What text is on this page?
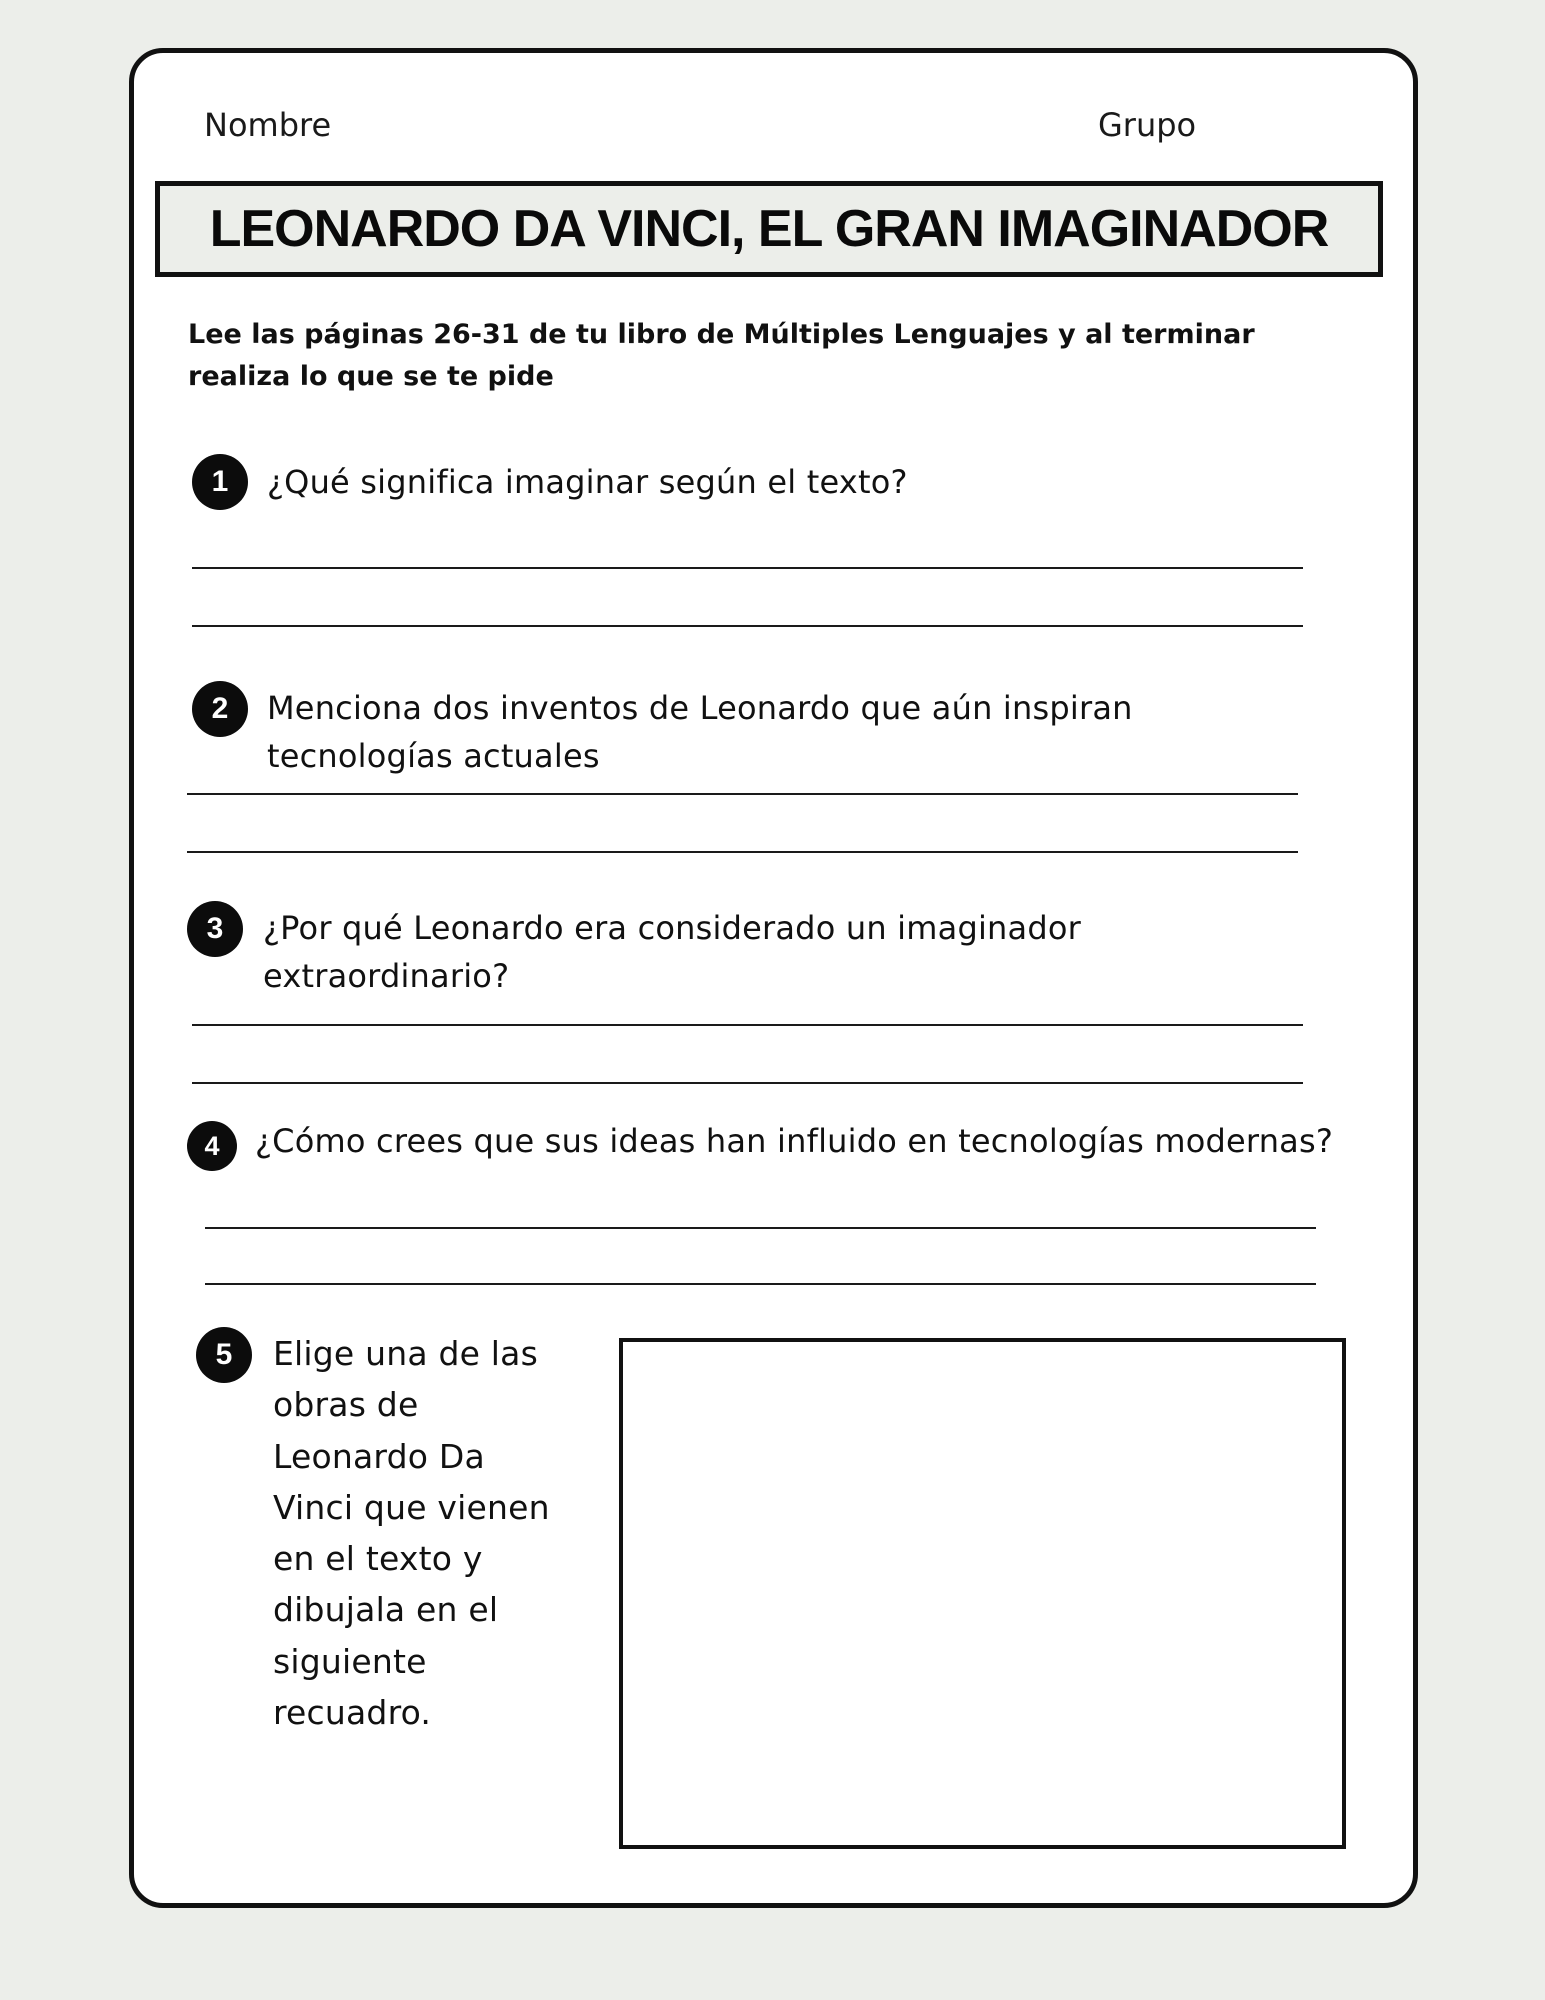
Nombre	Grupo
LEONARDO DA VINCI, EL GRAN IMAGINADOR
Lee las páginas 26-31 de tu libro de Múltiples Lenguajes y al terminar realiza lo que se te pide
1	¿Qué significa imaginar según el texto?
2	Menciona dos inventos de Leonardo que aún inspiran tecnologías actuales
3	¿Por qué Leonardo era considerado un imaginador extraordinario?
4	¿Cómo crees que sus ideas han influido en tecnologías modernas?
5	Elige una de las obras de Leonardo Da Vinci que vienen en el texto y dibujala en el siguiente recuadro.
